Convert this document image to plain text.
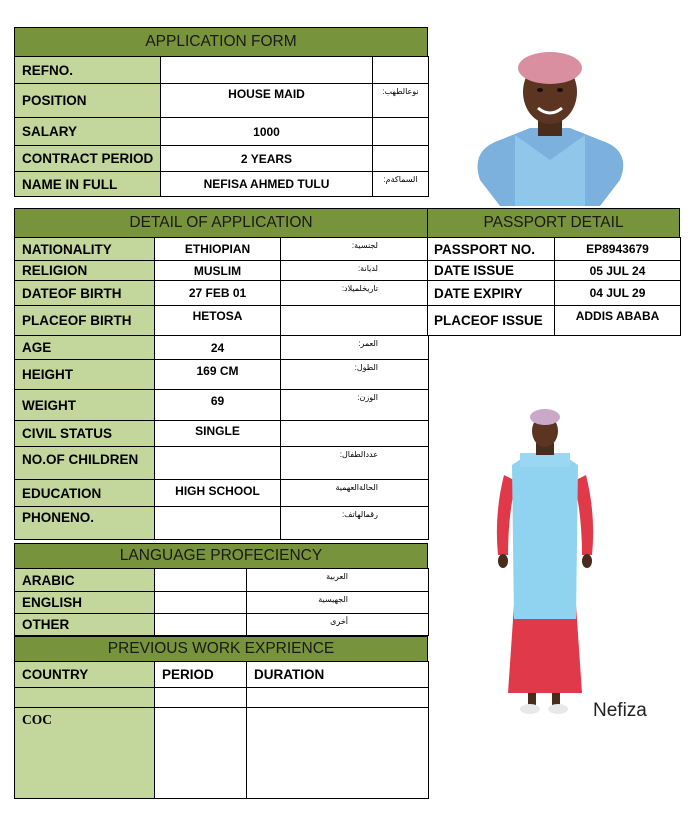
APPLICATION FORM
REFNO.		
POSITION	HOUSE MAID	:نوعالطهب
SALARY	1000	
CONTRACT PERIOD	2 YEARS	
NAME IN FULL	NEFISA AHMED TULU	:السماكةم
DETAIL OF APPLICATION	PASSPORT DETAIL
NATIONALITY	ETHIOPIAN	:لجنسية
RELIGION	MUSLIM	:لديانة
DATEOF BIRTH	27 FEB 01	:تاريخلميلاد
PLACEOF BIRTH	HETOSA	
AGE	24	:العمر
HEIGHT	169 CM	:الطول
WEIGHT	69	:الوزن
CIVIL STATUS	SINGLE	
NO.OF CHILDREN		:عددالطفال
EDUCATION	HIGH SCHOOL	الحالةالعهمية
PHONENO.		:رقمالهاتف
PASSPORT NO.	EP8943679
DATE ISSUE	05 JUL 24
DATE EXPIRY	04 JUL 29
PLACEOF ISSUE	ADDIS ABABA
Nefiza
LANGUAGE PROFECIENCY
ARABIC		العربية
ENGLISH		الجهيسية
OTHER		أخرى
PREVIOUS WORK EXPRIENCE
COUNTRY	PERIOD	DURATION

COC		
